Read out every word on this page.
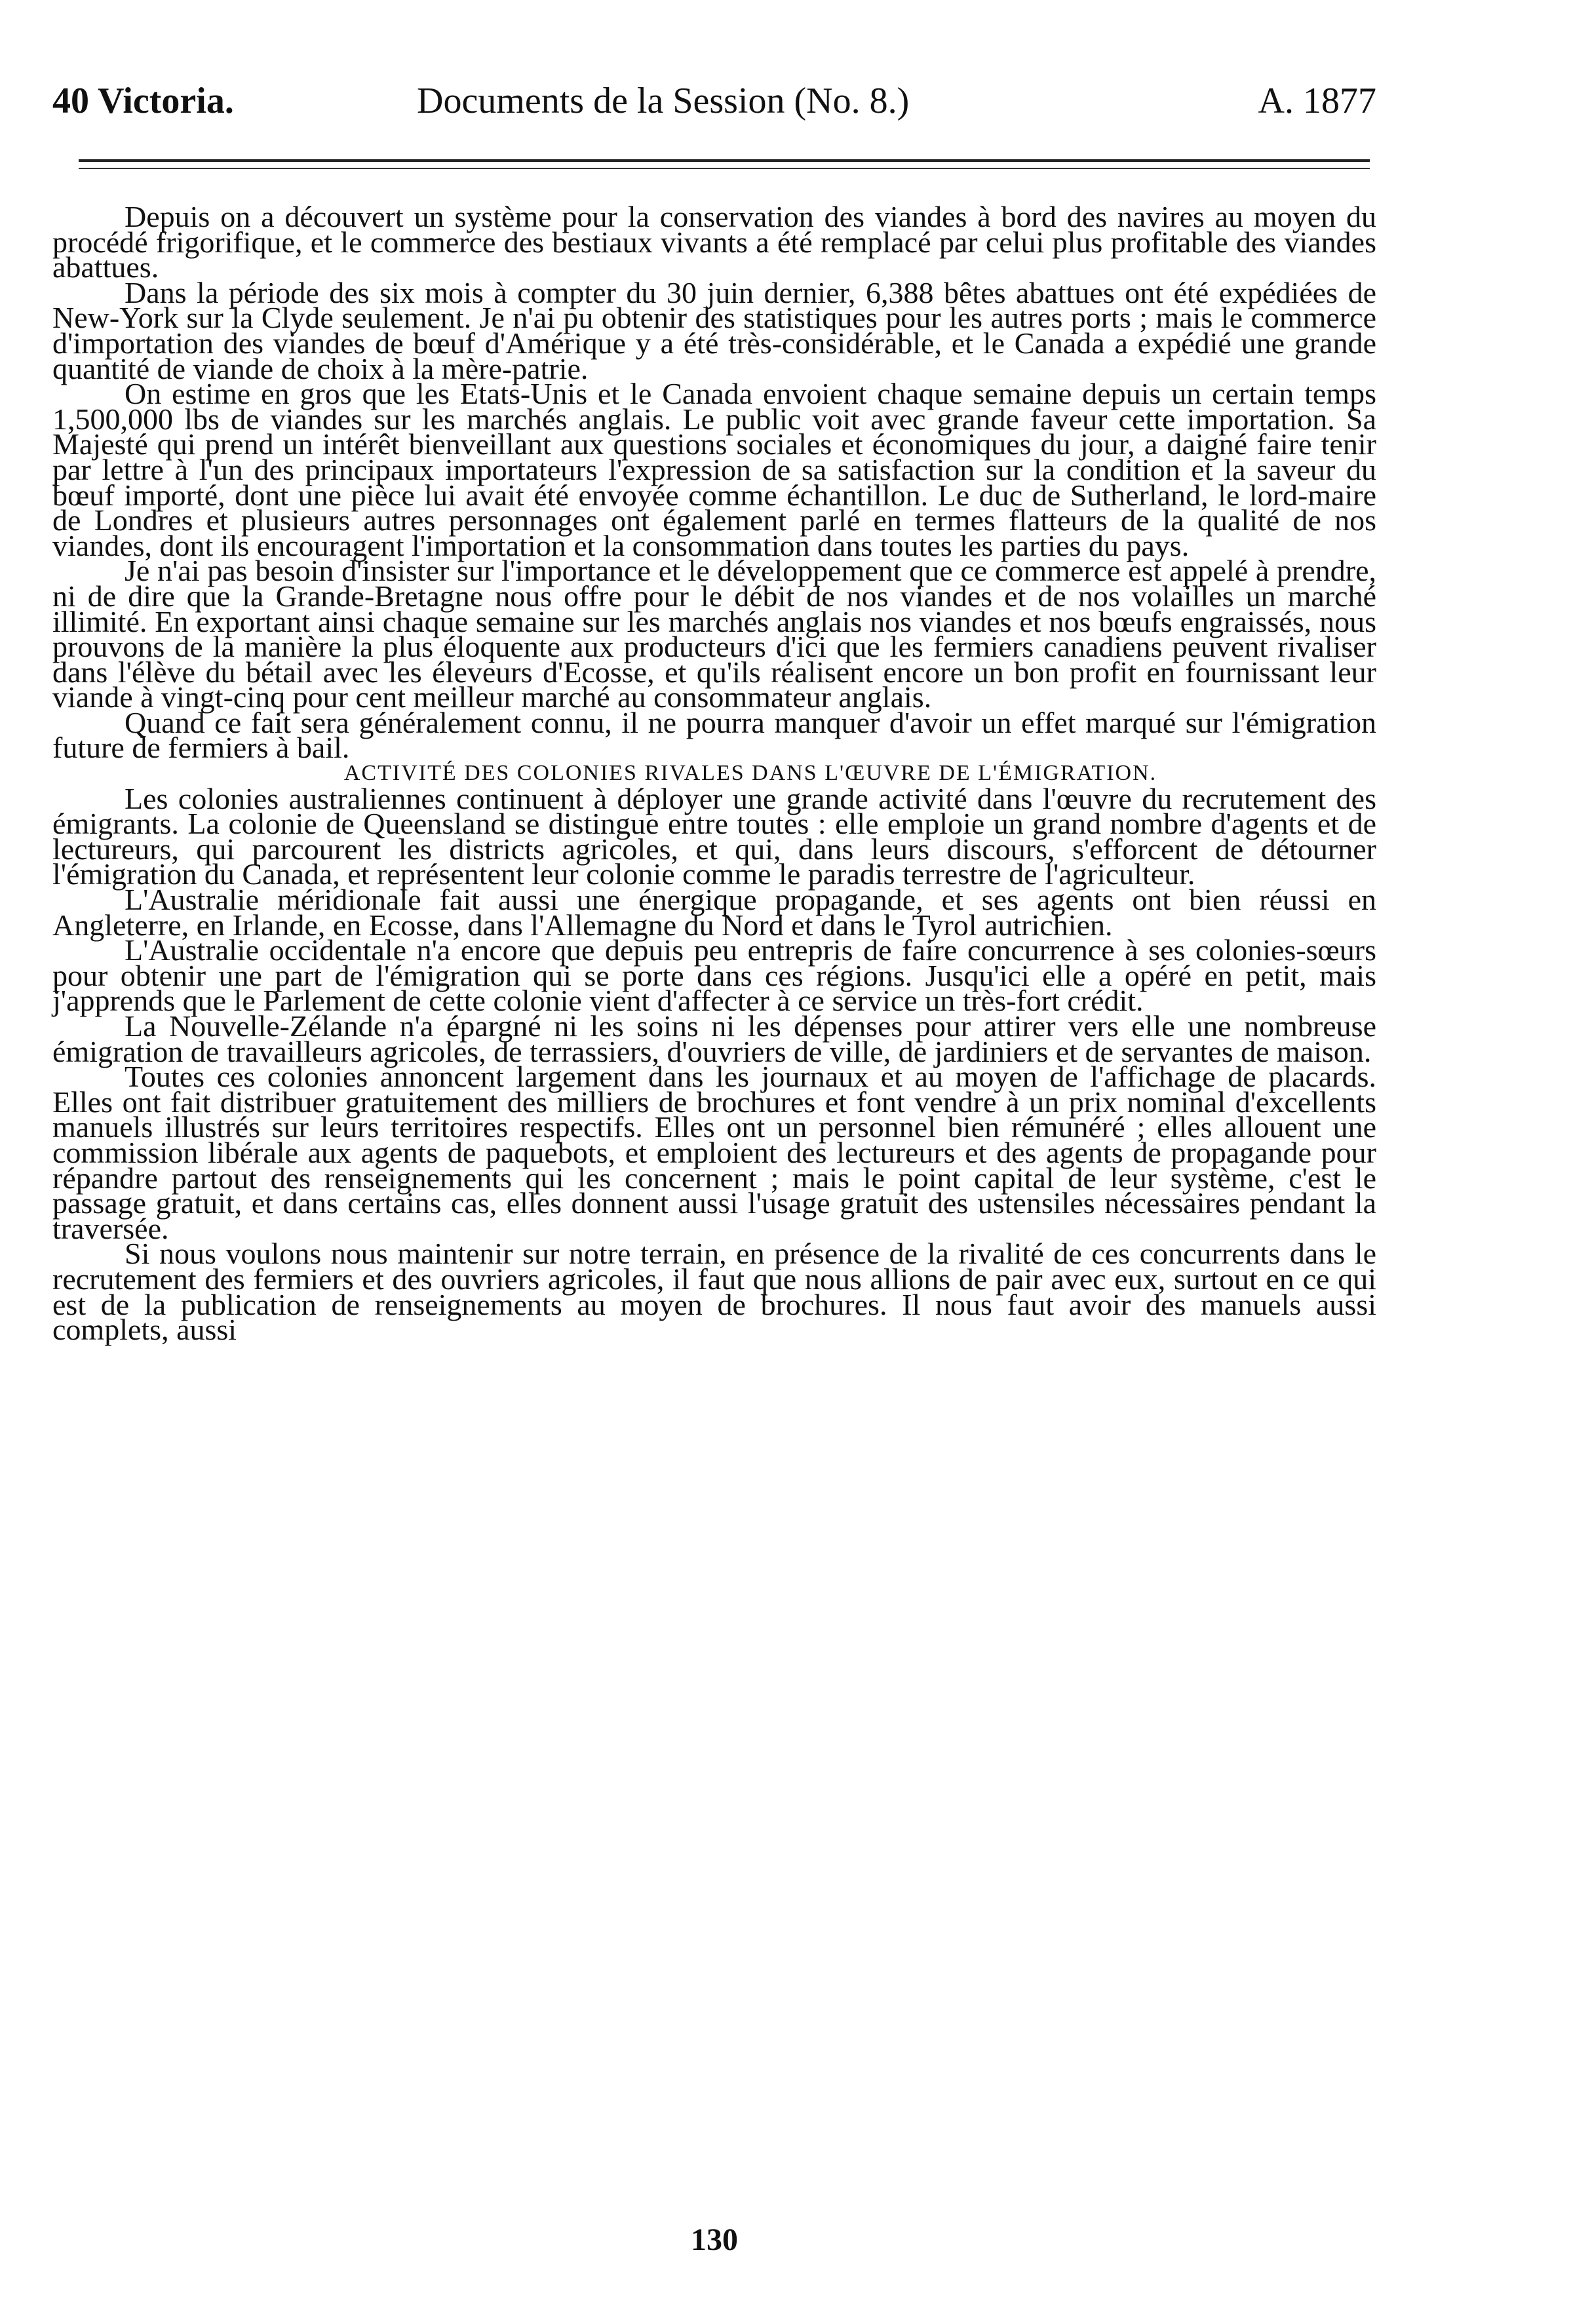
40 Victoria.	Documents de la Session (No. 8.)	A. 1877

Depuis on a découvert un système pour la conservation des viandes à bord des navires au moyen du procédé frigorifique, et le commerce des bestiaux vivants a été remplacé par celui plus profitable des viandes abattues.

Dans la période des six mois à compter du 30 juin dernier, 6,388 bêtes abattues ont été expédiées de New-York sur la Clyde seulement. Je n'ai pu obtenir des statistiques pour les autres ports ; mais le commerce d'importation des viandes de bœuf d'Amérique y a été très-considérable, et le Canada a expédié une grande quantité de viande de choix à la mère-patrie.

On estime en gros que les Etats-Unis et le Canada envoient chaque semaine depuis un certain temps 1,500,000 lbs de viandes sur les marchés anglais. Le public voit avec grande faveur cette importation. Sa Majesté qui prend un intérêt bienveillant aux questions sociales et économiques du jour, a daigné faire tenir par lettre à l'un des principaux importateurs l'expression de sa satisfaction sur la condition et la saveur du bœuf importé, dont une pièce lui avait été envoyée comme échantillon. Le duc de Sutherland, le lord-maire de Londres et plusieurs autres personnages ont également parlé en termes flatteurs de la qualité de nos viandes, dont ils encouragent l'importation et la consommation dans toutes les parties du pays.

Je n'ai pas besoin d'insister sur l'importance et le développement que ce commerce est appelé à prendre, ni de dire que la Grande-Bretagne nous offre pour le débit de nos viandes et de nos volailles un marché illimité. En exportant ainsi chaque semaine sur les marchés anglais nos viandes et nos bœufs engraissés, nous prouvons de la manière la plus éloquente aux producteurs d'ici que les fermiers canadiens peuvent rivaliser dans l'élève du bétail avec les éleveurs d'Ecosse, et qu'ils réalisent encore un bon profit en fournissant leur viande à vingt-cinq pour cent meilleur marché au consommateur anglais.

Quand ce fait sera généralement connu, il ne pourra manquer d'avoir un effet marqué sur l'émigration future de fermiers à bail.

ACTIVITÉ DES COLONIES RIVALES DANS L'ŒUVRE DE L'ÉMIGRATION.

Les colonies australiennes continuent à déployer une grande activité dans l'œuvre du recrutement des émigrants. La colonie de Queensland se distingue entre toutes : elle emploie un grand nombre d'agents et de lectureurs, qui parcourent les districts agricoles, et qui, dans leurs discours, s'efforcent de détourner l'émigration du Canada, et représentent leur colonie comme le paradis terrestre de l'agriculteur.

L'Australie méridionale fait aussi une énergique propagande, et ses agents ont bien réussi en Angleterre, en Irlande, en Ecosse, dans l'Allemagne du Nord et dans le Tyrol autrichien.

L'Australie occidentale n'a encore que depuis peu entrepris de faire concurrence à ses colonies-sœurs pour obtenir une part de l'émigration qui se porte dans ces régions. Jusqu'ici elle a opéré en petit, mais j'apprends que le Parlement de cette colonie vient d'affecter à ce service un très-fort crédit.

La Nouvelle-Zélande n'a épargné ni les soins ni les dépenses pour attirer vers elle une nombreuse émigration de travailleurs agricoles, de terrassiers, d'ouvriers de ville, de jardiniers et de servantes de maison.

Toutes ces colonies annoncent largement dans les journaux et au moyen de l'affichage de placards. Elles ont fait distribuer gratuitement des milliers de brochures et font vendre à un prix nominal d'excellents manuels illustrés sur leurs territoires respectifs. Elles ont un personnel bien rémunéré ; elles allouent une commission libérale aux agents de paquebots, et emploient des lectureurs et des agents de propagande pour répandre partout des renseignements qui les concernent ; mais le point capital de leur système, c'est le passage gratuit, et dans certains cas, elles donnent aussi l'usage gratuit des ustensiles nécessaires pendant la traversée.

Si nous voulons nous maintenir sur notre terrain, en présence de la rivalité de ces concurrents dans le recrutement des fermiers et des ouvriers agricoles, il faut que nous allions de pair avec eux, surtout en ce qui est de la publication de renseignements au moyen de brochures. Il nous faut avoir des manuels aussi complets, aussi

130
